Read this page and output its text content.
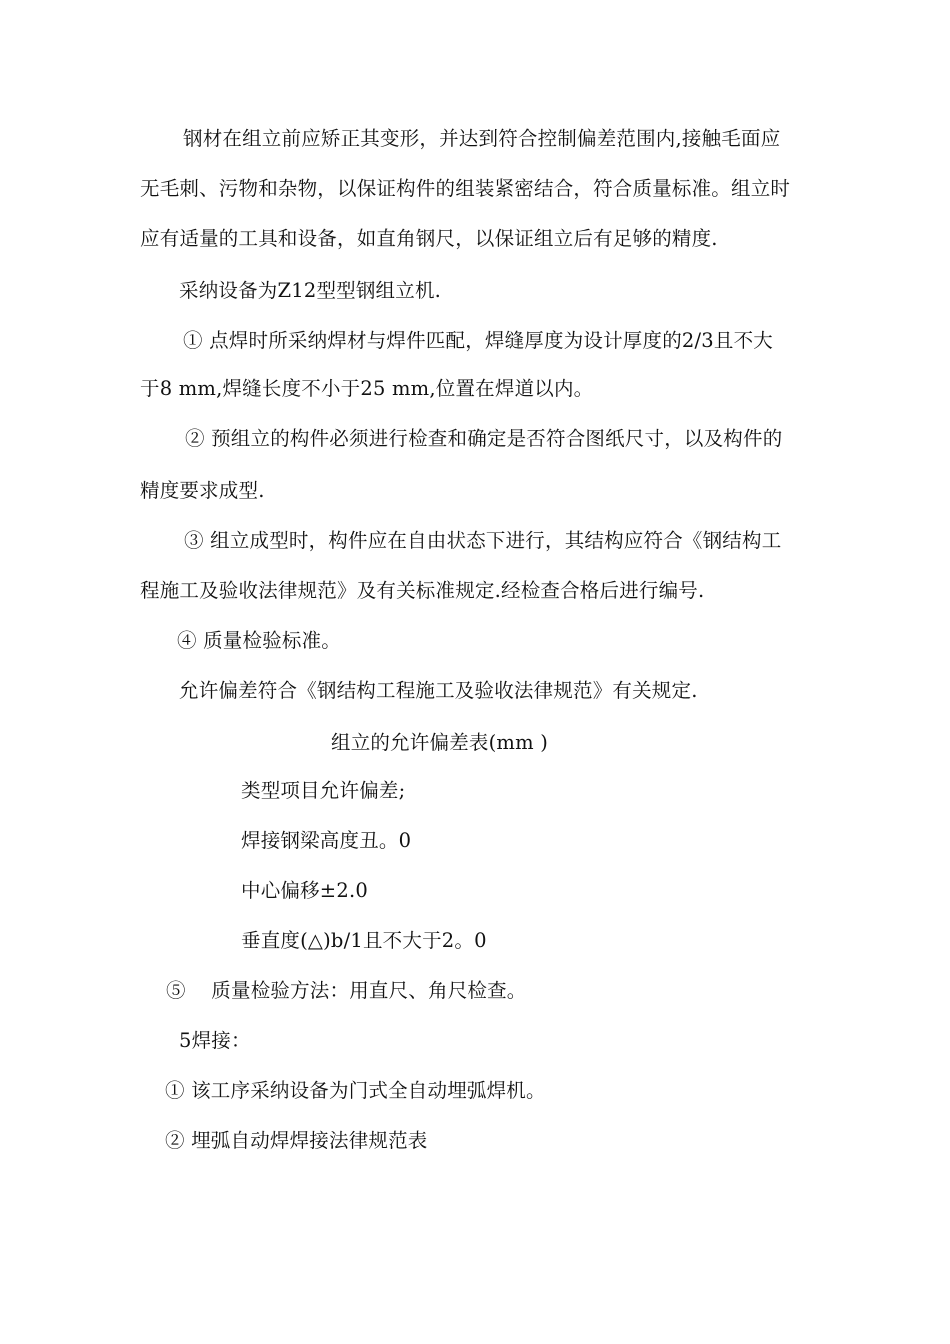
钢材在组立前应矫正其变形，并达到符合控制偏差范围内,接触毛面应
无毛刺、污物和杂物，以保证构件的组装紧密结合，符合质量标准。组立时
应有适量的工具和设备，如直角钢尺，以保证组立后有足够的精度.
采纳设备为Z12型型钢组立机.
① 点焊时所采纳焊材与焊件匹配，焊缝厚度为设计厚度的2/3且不大
于8 mm,焊缝长度不小于25 mm,位置在焊道以内。
② 预组立的构件必须进行检查和确定是否符合图纸尺寸，以及构件的
精度要求成型.
③ 组立成型时，构件应在自由状态下进行，其结构应符合《钢结构工
程施工及验收法律规范》及有关标准规定.经检查合格后进行编号.
④ 质量检验标准。
允许偏差符合《钢结构工程施工及验收法律规范》有关规定.
组立的允许偏差表(mm )
类型项目允许偏差;
焊接钢梁高度丑。0
中心偏移±2.0
垂直度(△)b/1且不大于2。0
⑤    质量检验方法：用直尺、角尺检查。
5焊接：
① 该工序采纳设备为门式全自动埋弧焊机。
② 埋弧自动焊焊接法律规范表
